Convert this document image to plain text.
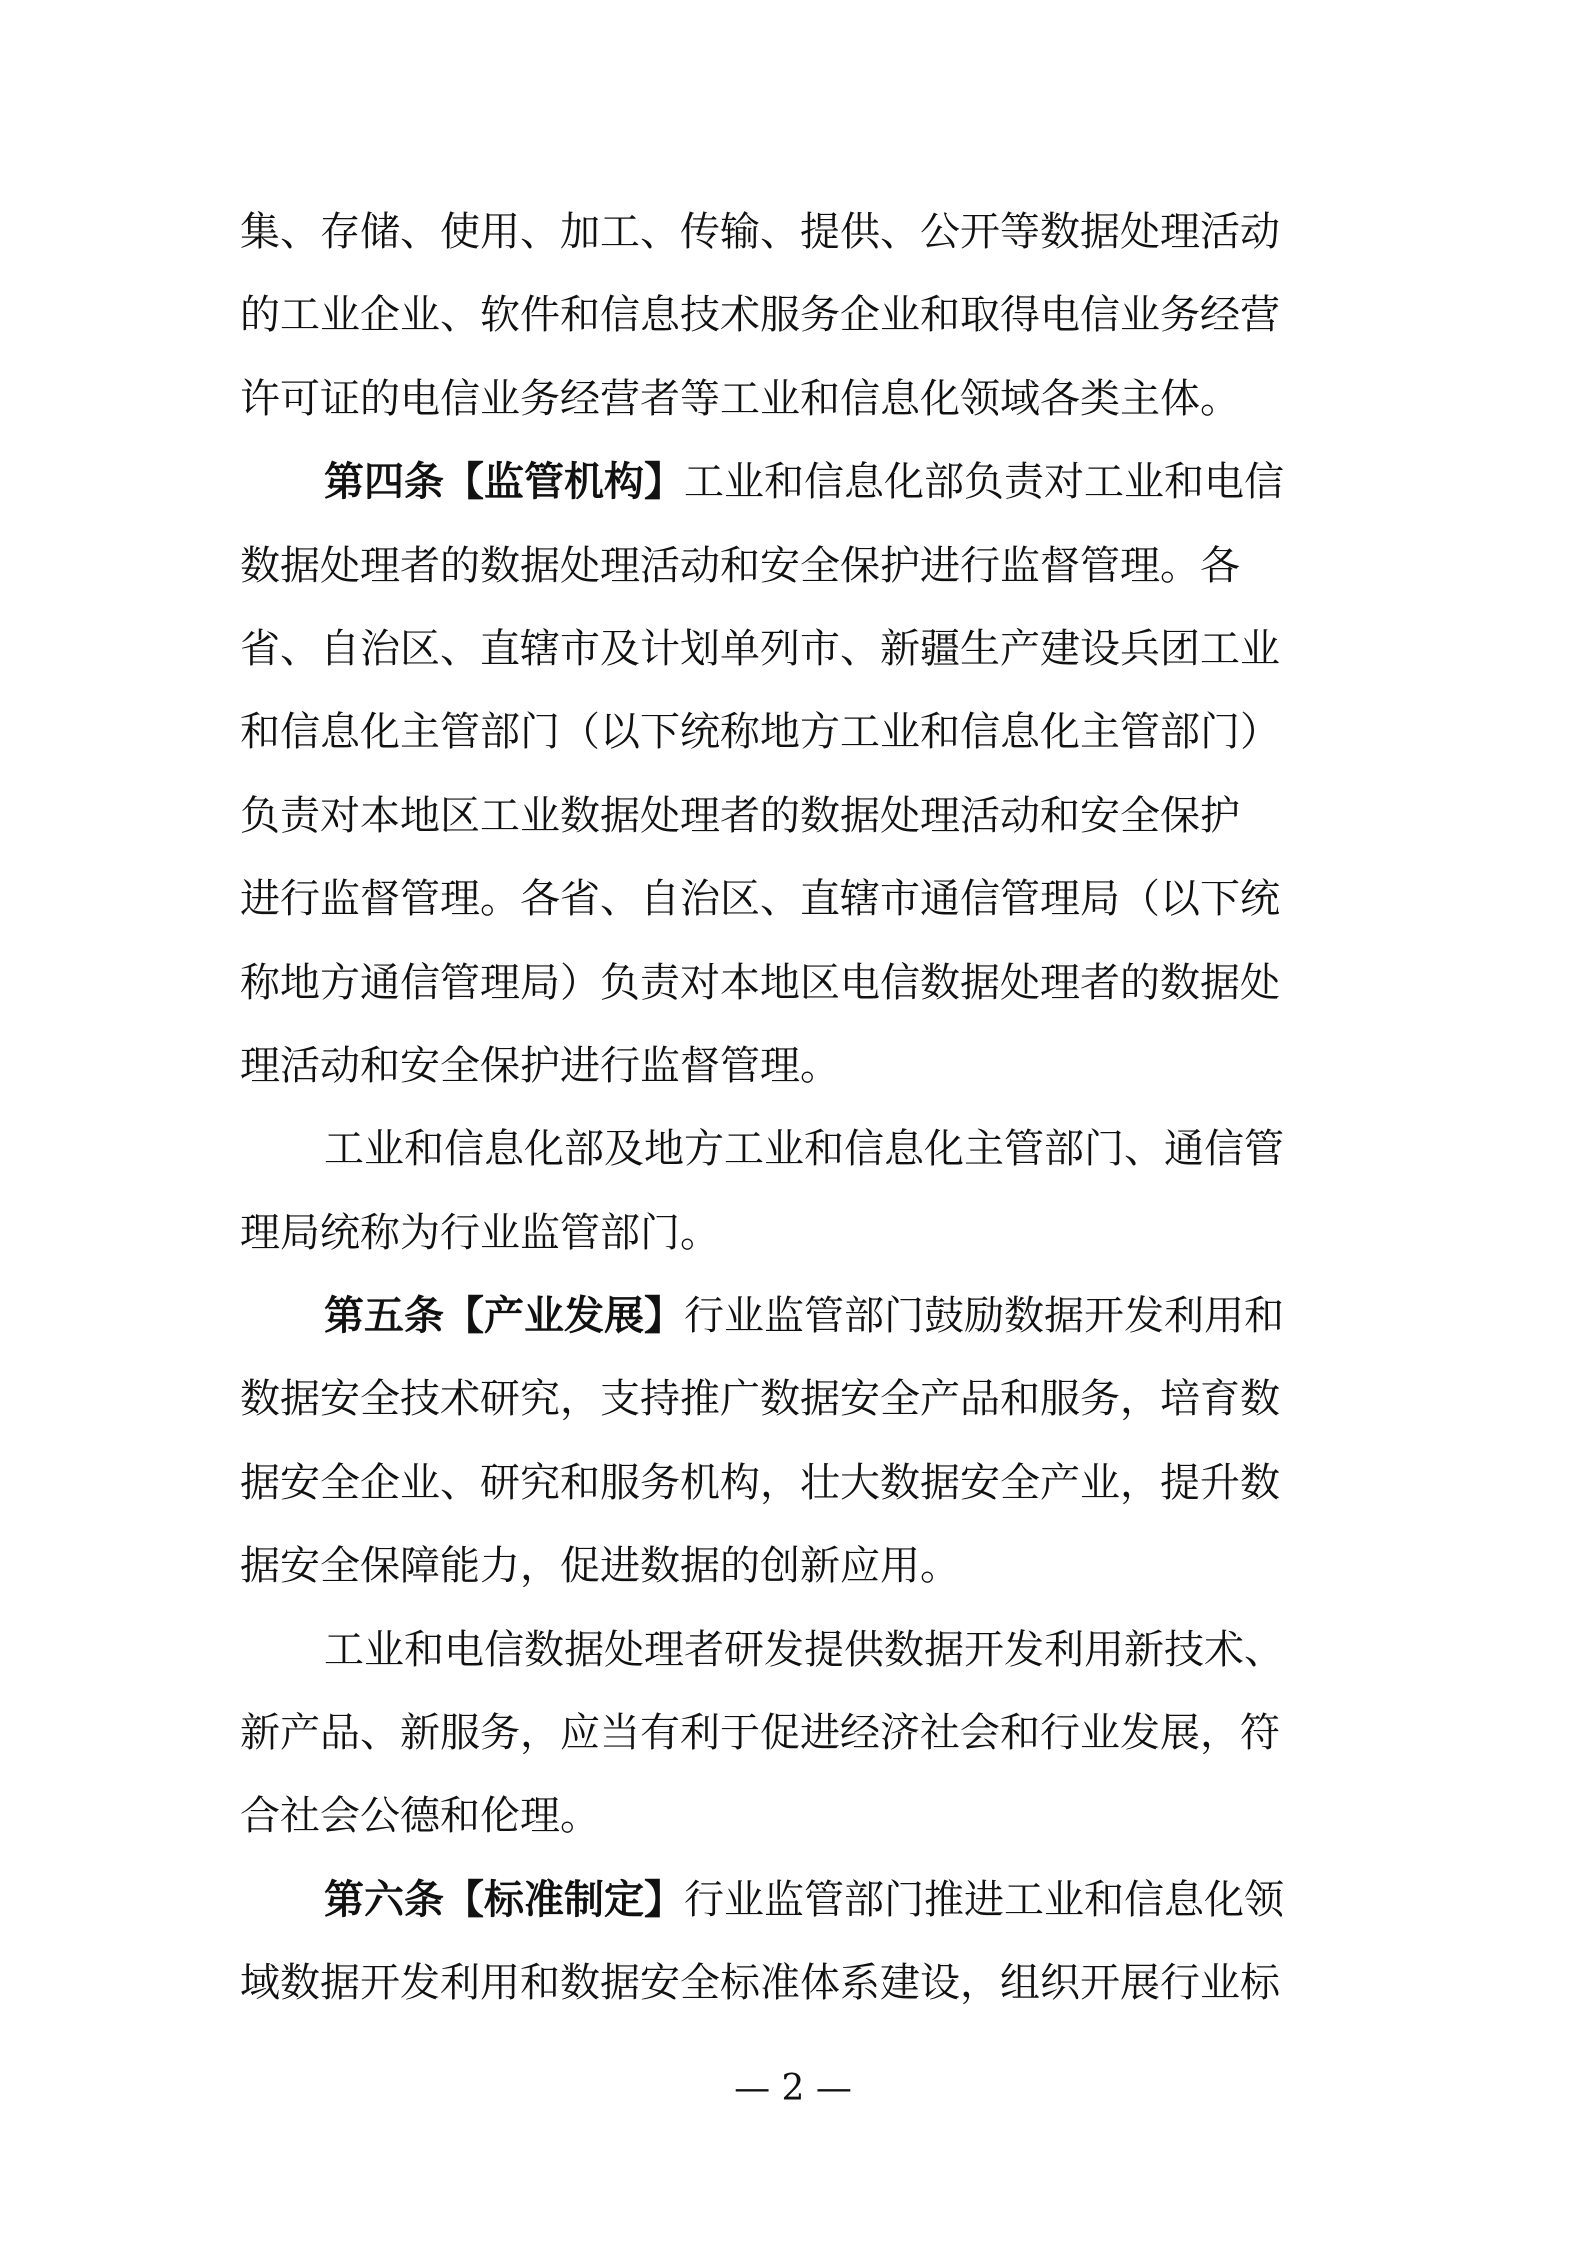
集、存储、使用、加工、传输、提供、公开等数据处理活动
的工业企业、软件和信息技术服务企业和取得电信业务经营
许可证的电信业务经营者等工业和信息化领域各类主体。
第四条【监管机构】工业和信息化部负责对工业和电信
数据处理者的数据处理活动和安全保护进行监督管理。各
省、自治区、直辖市及计划单列市、新疆生产建设兵团工业
和信息化主管部门（以下统称地方工业和信息化主管部门）
负责对本地区工业数据处理者的数据处理活动和安全保护
进行监督管理。各省、自治区、直辖市通信管理局（以下统
称地方通信管理局）负责对本地区电信数据处理者的数据处
理活动和安全保护进行监督管理。
工业和信息化部及地方工业和信息化主管部门、通信管
理局统称为行业监管部门。
第五条【产业发展】行业监管部门鼓励数据开发利用和
数据安全技术研究，支持推广数据安全产品和服务，培育数
据安全企业、研究和服务机构，壮大数据安全产业，提升数
据安全保障能力，促进数据的创新应用。
工业和电信数据处理者研发提供数据开发利用新技术、
新产品、新服务，应当有利于促进经济社会和行业发展，符
合社会公德和伦理。
第六条【标准制定】行业监管部门推进工业和信息化领
域数据开发利用和数据安全标准体系建设，组织开展行业标
— 2 —
